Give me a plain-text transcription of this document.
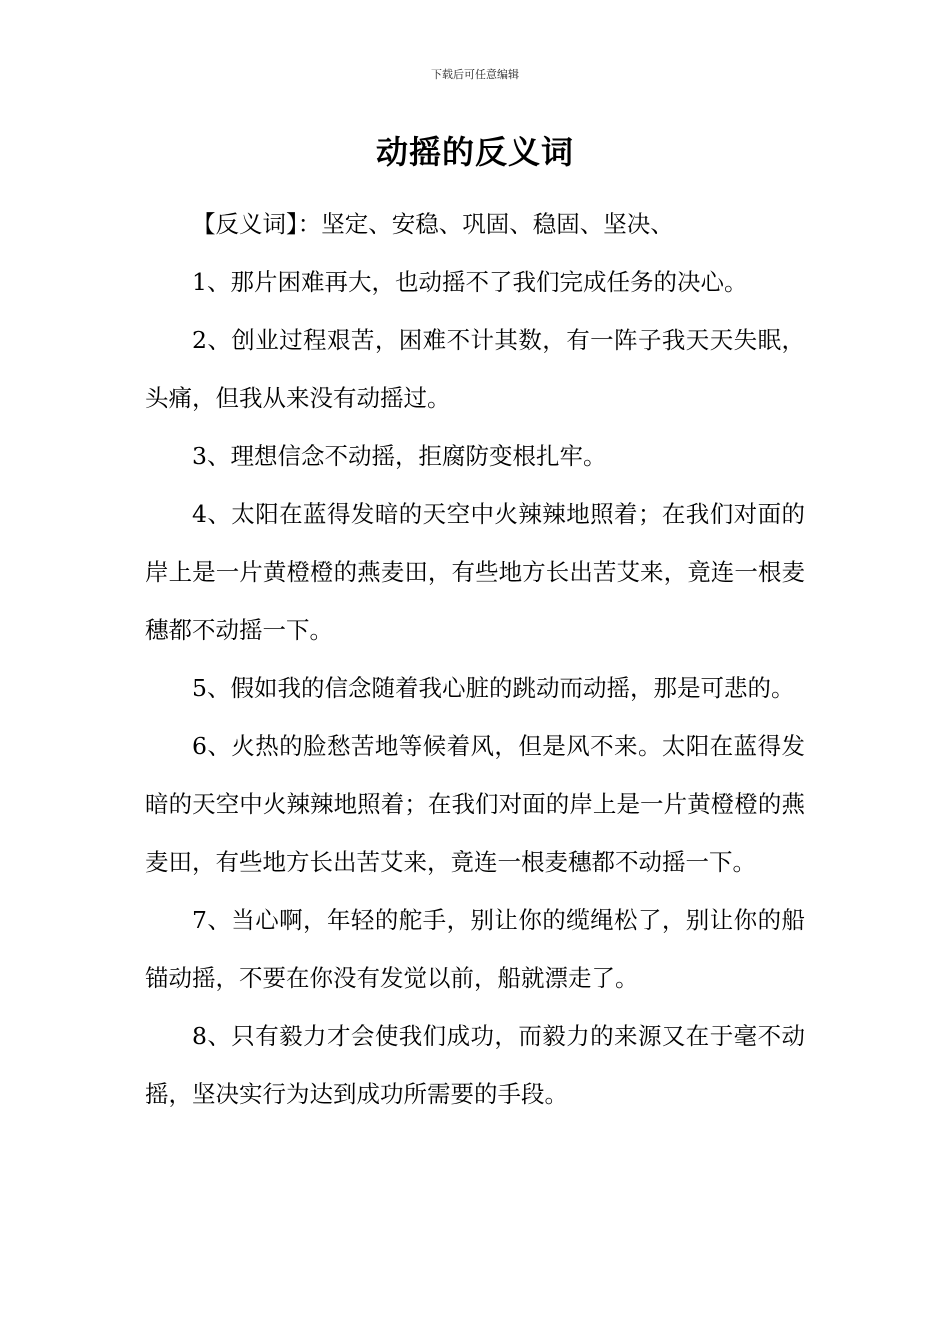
下载后可任意编辑
动摇的反义词

【反义词】：坚定、安稳、巩固、稳固、坚决、

1、那片困难再大，也动摇不了我们完成任务的决心。

2、创业过程艰苦，困难不计其数，有一阵子我天天失眠，头痛，但我从来没有动摇过。

3、理想信念不动摇，拒腐防变根扎牢。

4、太阳在蓝得发暗的天空中火辣辣地照着；在我们对面的岸上是一片黄橙橙的燕麦田，有些地方长出苦艾来，竟连一根麦穗都不动摇一下。

5、假如我的信念随着我心脏的跳动而动摇，那是可悲的。

6、火热的脸愁苦地等候着风，但是风不来。太阳在蓝得发暗的天空中火辣辣地照着；在我们对面的岸上是一片黄橙橙的燕麦田，有些地方长出苦艾来，竟连一根麦穗都不动摇一下。

7、当心啊，年轻的舵手，别让你的缆绳松了，别让你的船锚动摇，不要在你没有发觉以前，船就漂走了。

8、只有毅力才会使我们成功，而毅力的来源又在于毫不动摇，坚决实行为达到成功所需要的手段。
